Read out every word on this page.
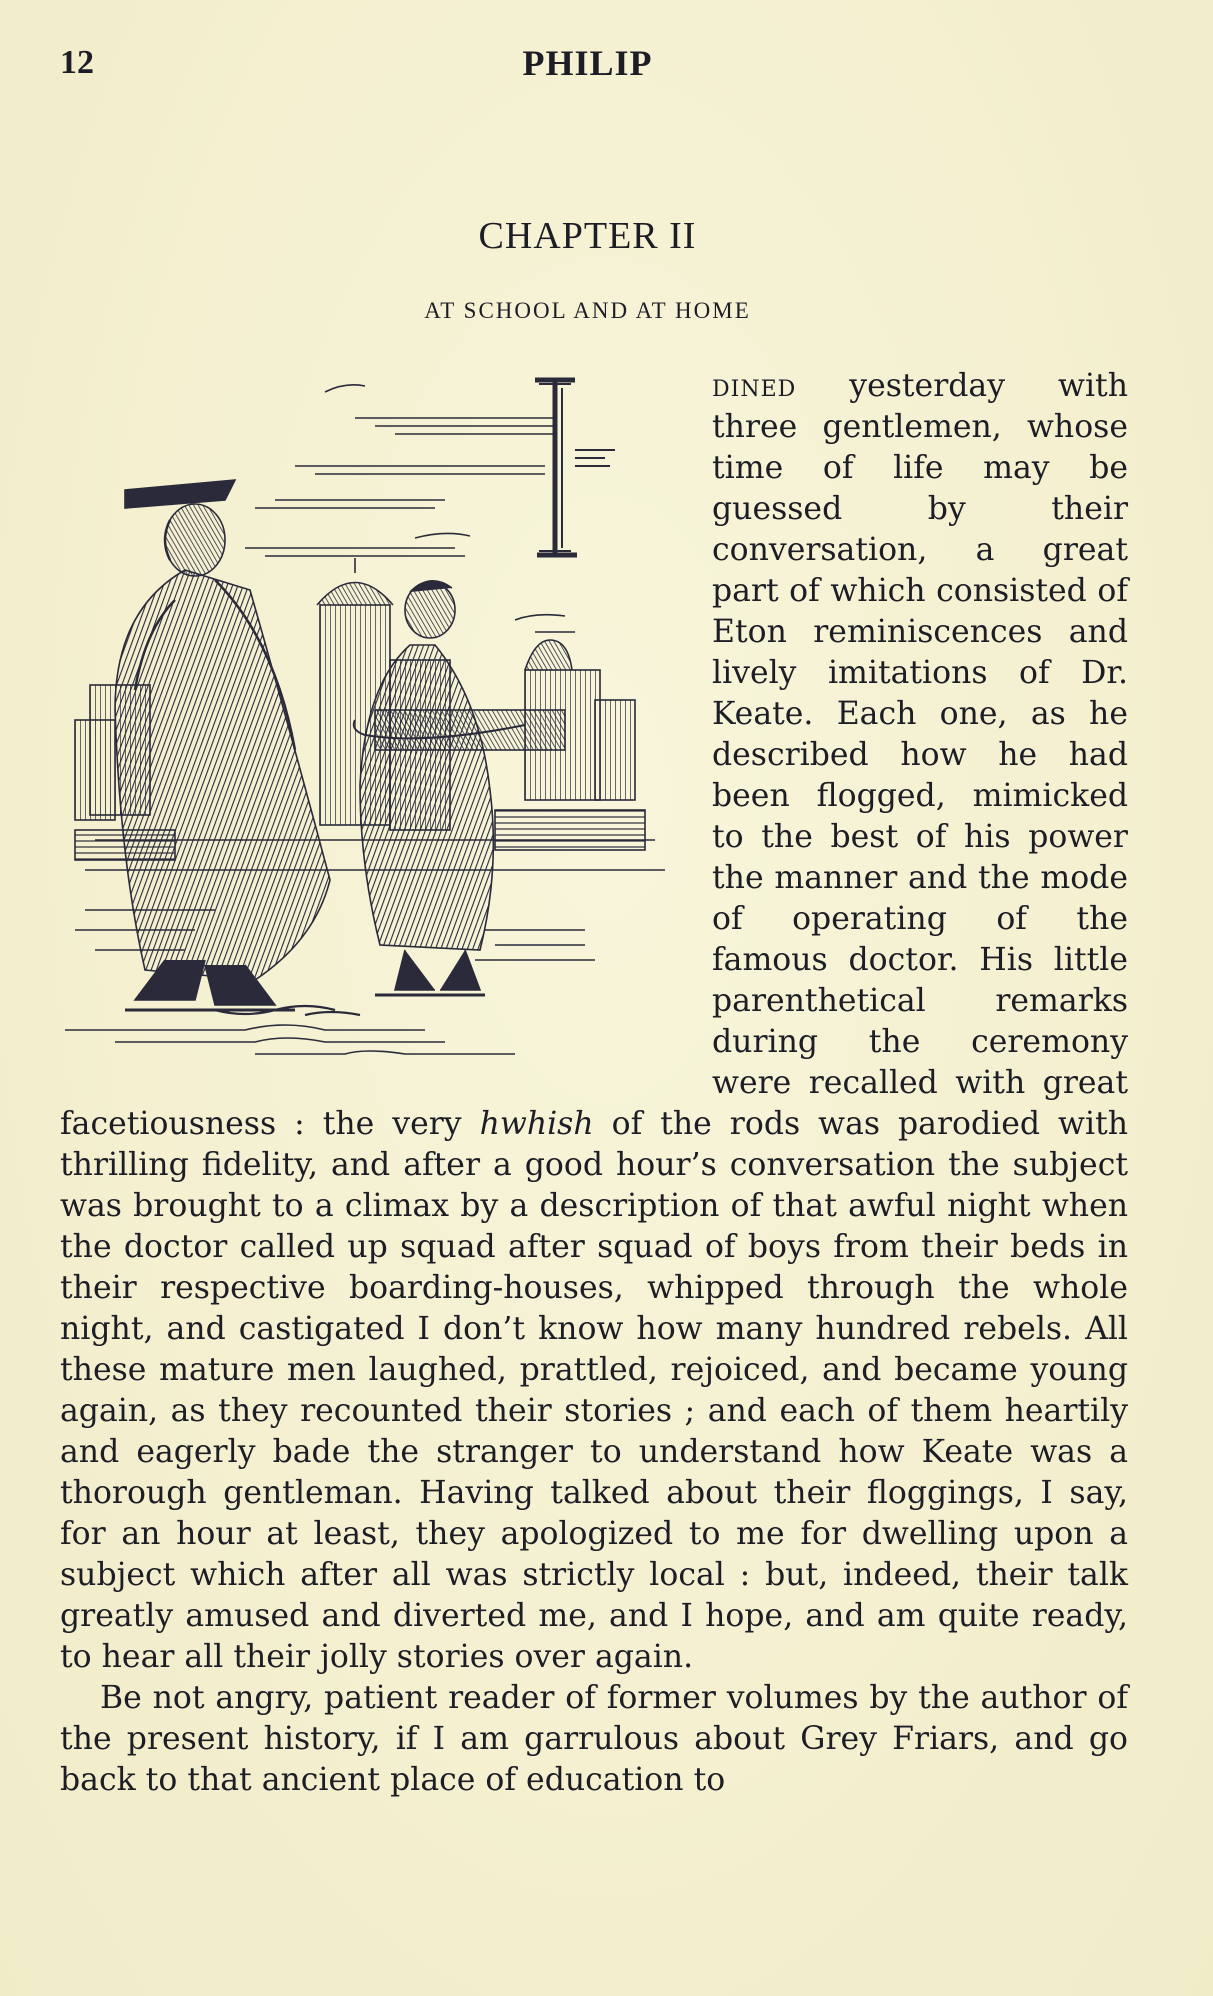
12	PHILIP
CHAPTER II
AT SCHOOL AND AT HOME

dined yesterday with three gentlemen, whose time of life may be guessed by their conversation, a great part of which consisted of Eton reminiscences and lively imitations of Dr. Keate. Each one, as he described how he had been flogged, mimicked to the best of his power the manner and the mode of operating of the famous doctor. His little parenthetical remarks during the ceremony were recalled with great facetiousness : the very hwhish of the rods was parodied with thrilling fidelity, and after a good hour’s conversation the subject was brought to a climax by a description of that awful night when the doctor called up squad after squad of boys from their beds in their respective boarding-houses, whipped through the whole night, and castigated I don’t know how many hundred rebels. All these mature men laughed, prattled, rejoiced, and became young again, as they recounted their stories ; and each of them heartily and eagerly bade the stranger to understand how Keate was a thorough gentleman. Having talked about their floggings, I say, for an hour at least, they apologized to me for dwelling upon a subject which after all was strictly local : but, indeed, their talk greatly amused and diverted me, and I hope, and am quite ready, to hear all their jolly stories over again.

Be not angry, patient reader of former volumes by the author of the present history, if I am garrulous about Grey Friars, and go back to that ancient place of education to
